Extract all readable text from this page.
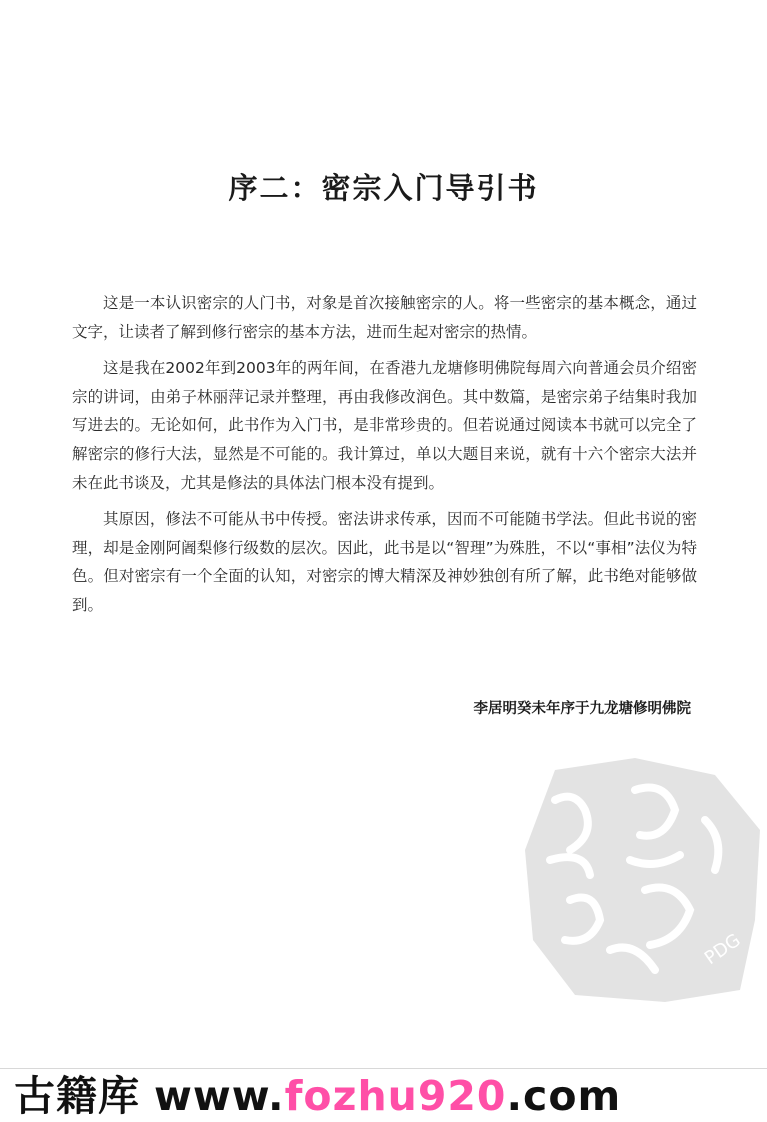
序二：密宗入门导引书

这是一本认识密宗的人门书，对象是首次接触密宗的人。将一些密宗的基本概念，通过文字，让读者了解到修行密宗的基本方法，进而生起对密宗的热情。

这是我在2002年到2003年的两年间，在香港九龙塘修明佛院每周六向普通会员介绍密宗的讲词，由弟子林丽萍记录并整理，再由我修改润色。其中数篇，是密宗弟子结集时我加写进去的。无论如何，此书作为入门书，是非常珍贵的。但若说通过阅读本书就可以完全了解密宗的修行大法，显然是不可能的。我计算过，单以大题目来说，就有十六个密宗大法并未在此书谈及，尤其是修法的具体法门根本没有提到。

其原因，修法不可能从书中传授。密法讲求传承，因而不可能随书学法。但此书说的密理，却是金刚阿阇梨修行级数的层次。因此，此书是以“智理”为殊胜，不以“事相”法仪为特色。但对密宗有一个全面的认知，对密宗的博大精深及神妙独创有所了解，此书绝对能够做到。

李居明癸未年序于九龙塘修明佛院
PDG
古籍库 www.fozhu920.com
